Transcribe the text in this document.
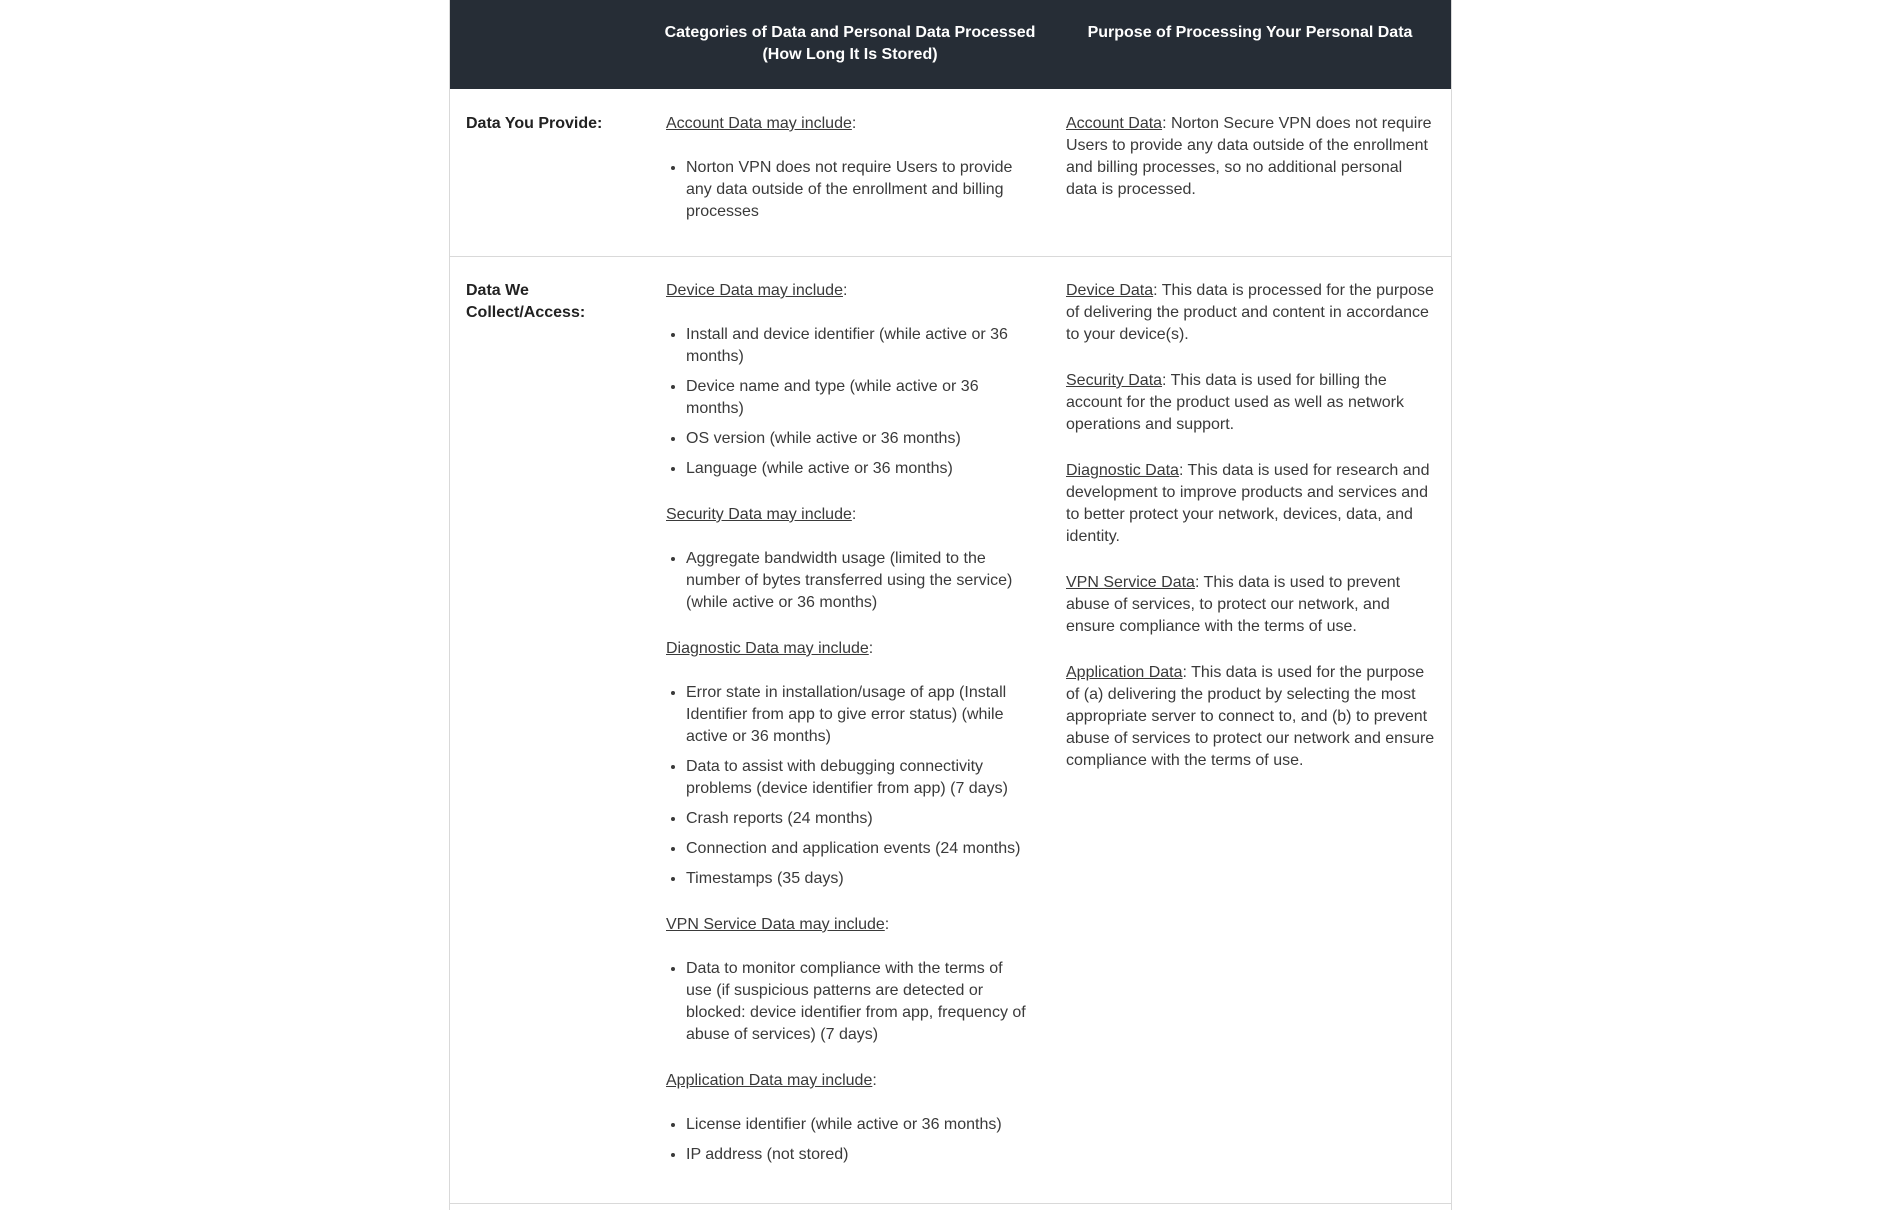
Categories of Data and Personal Data Processed (How Long It Is Stored)
Purpose of Processing Your Personal Data
Data You Provide:	Account Data may include:

• Norton VPN does not require Users to provide any data outside of the enrollment and billing processes

Account Data: Norton Secure VPN does not require Users to provide any data outside of the enrollment and billing processes, so no additional personal data is processed.

Data We Collect/Access:

Device Data may include:

• Install and device identifier (while active or 36 months)
• Device name and type (while active or 36 months)
• OS version (while active or 36 months)
• Language (while active or 36 months)

Security Data may include:

• Aggregate bandwidth usage (limited to the number of bytes transferred using the service) (while active or 36 months)

Diagnostic Data may include:

• Error state in installation/usage of app (Install Identifier from app to give error status) (while active or 36 months)
• Data to assist with debugging connectivity problems (device identifier from app) (7 days)
• Crash reports (24 months)
• Connection and application events (24 months)
• Timestamps (35 days)

VPN Service Data may include:

• Data to monitor compliance with the terms of use (if suspicious patterns are detected or blocked: device identifier from app, frequency of abuse of services) (7 days)

Application Data may include:

• License identifier (while active or 36 months)
• IP address (not stored)

Device Data: This data is processed for the purpose of delivering the product and content in accordance to your device(s).

Security Data: This data is used for billing the account for the product used as well as network operations and support.

Diagnostic Data: This data is used for research and development to improve products and services and to better protect your network, devices, data, and identity.

VPN Service Data: This data is used to prevent abuse of services, to protect our network, and ensure compliance with the terms of use.

Application Data: This data is used for the purpose of (a) delivering the product by selecting the most appropriate server to connect to, and (b) to prevent abuse of services to protect our network and ensure compliance with the terms of use.
